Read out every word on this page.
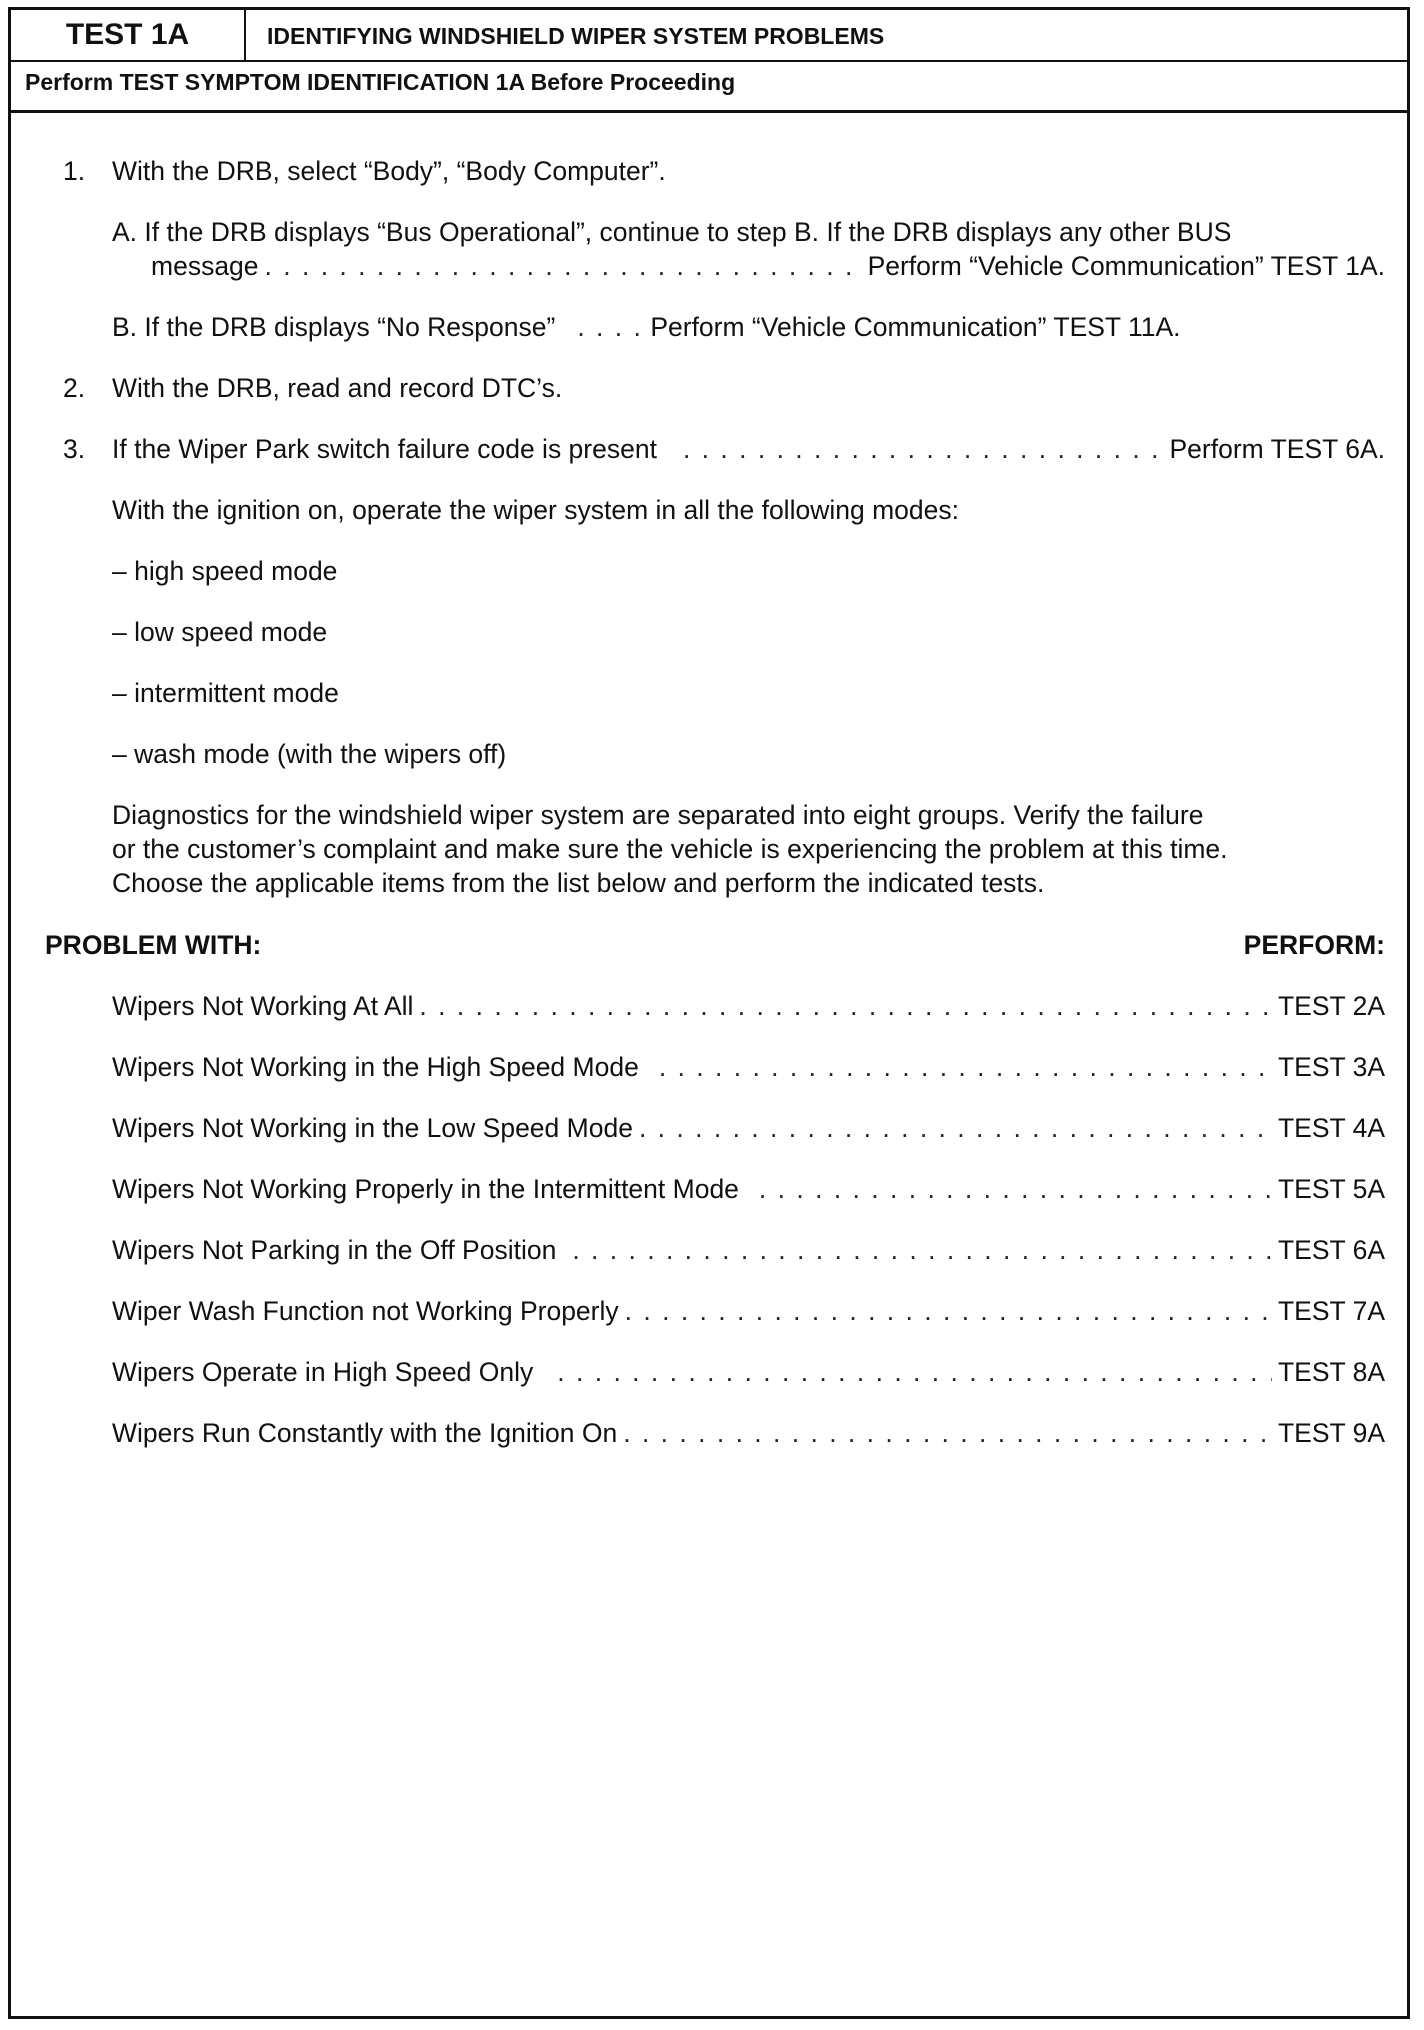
TEST 1A	IDENTIFYING WINDSHIELD WIPER SYSTEM PROBLEMS
Perform TEST SYMPTOM IDENTIFICATION 1A Before Proceeding
1. With the DRB, select “Body”, “Body Computer”.
A. If the DRB displays “Bus Operational”, continue to step B. If the DRB displays any other BUS
message . . .	Perform “Vehicle Communication” TEST 1A.
B. If the DRB displays “No Response” . . .	Perform “Vehicle Communication” TEST 11A.
2. With the DRB, read and record DTC’s.
3. If the Wiper Park switch failure code is present . . .	Perform TEST 6A.
With the ignition on, operate the wiper system in all the following modes:
– high speed mode
– low speed mode
– intermittent mode
– wash mode (with the wipers off)
Diagnostics for the windshield wiper system are separated into eight groups. Verify the failure
or the customer’s complaint and make sure the vehicle is experiencing the problem at this time.
Choose the applicable items from the list below and perform the indicated tests.
PROBLEM WITH:	PERFORM:
Wipers Not Working At All . . .	TEST 2A
Wipers Not Working in the High Speed Mode . . .	TEST 3A
Wipers Not Working in the Low Speed Mode . . .	TEST 4A
Wipers Not Working Properly in the Intermittent Mode . . .	TEST 5A
Wipers Not Parking in the Off Position . . .	TEST 6A
Wiper Wash Function not Working Properly . . .	TEST 7A
Wipers Operate in High Speed Only . . .	TEST 8A
Wipers Run Constantly with the Ignition On . . .	TEST 9A
